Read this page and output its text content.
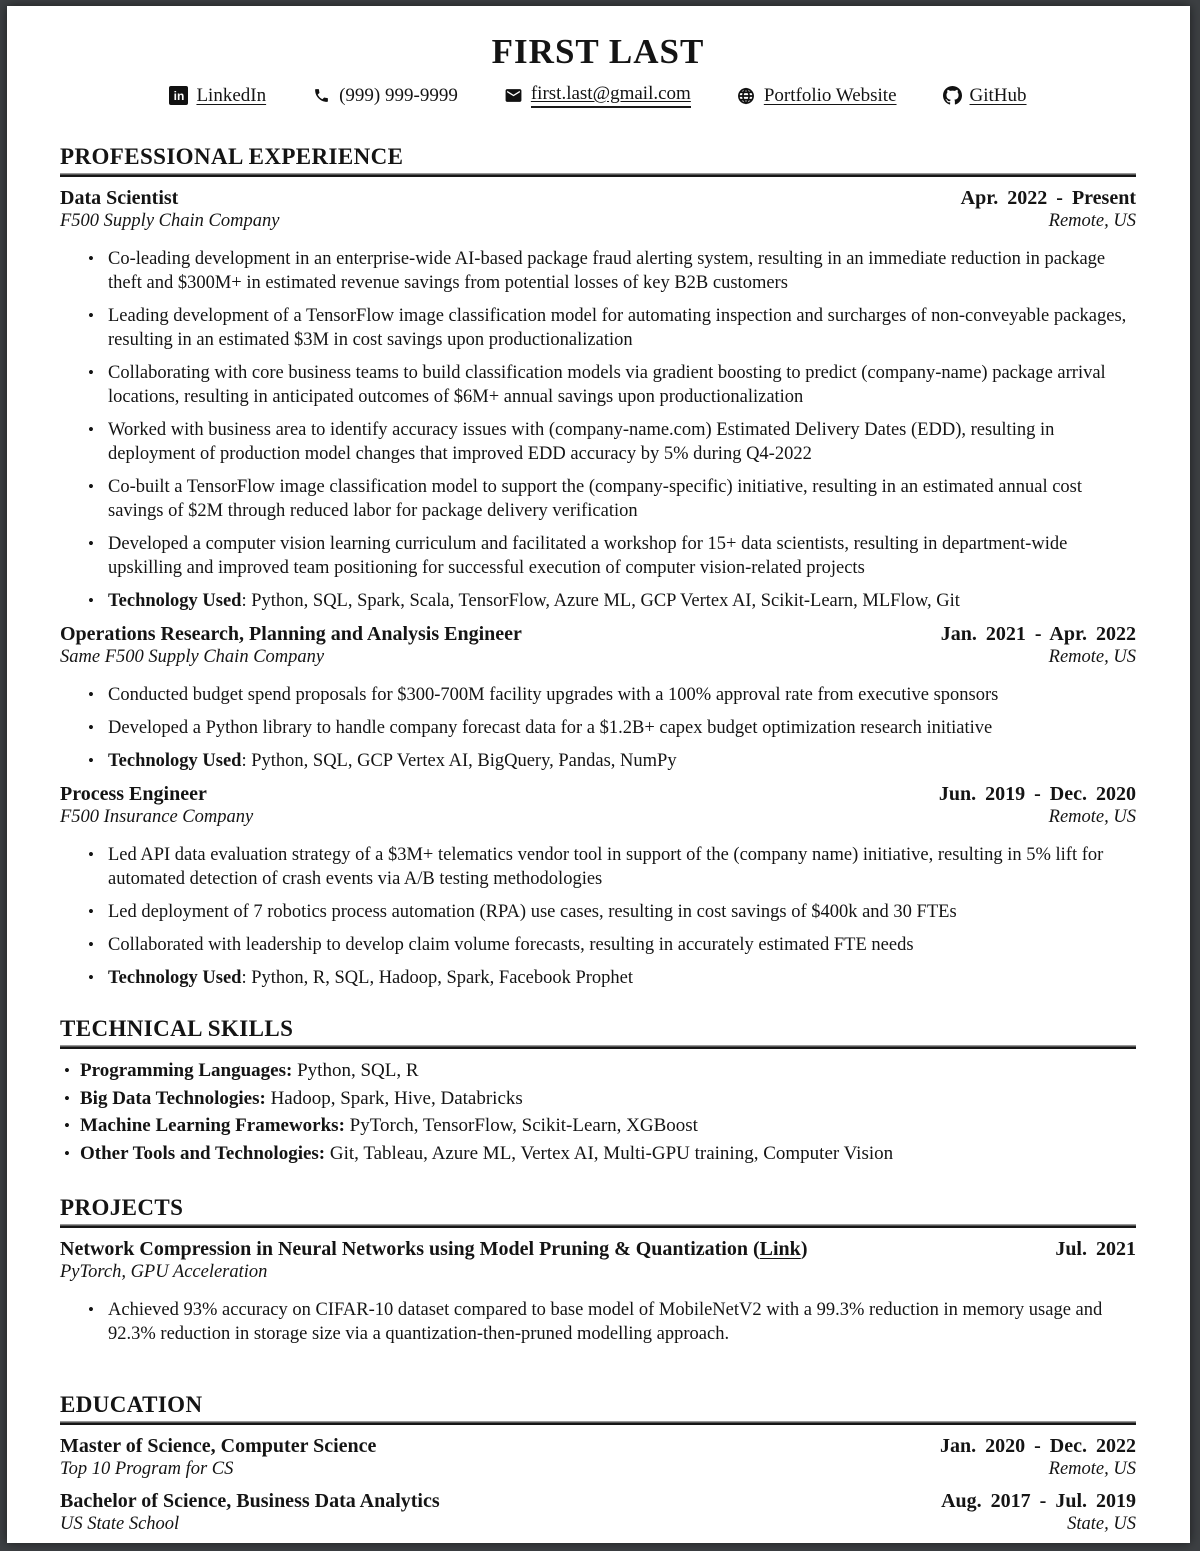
FIRST LAST
in LinkedIn	(999) 999-9999	first.last@gmail.com	Portfolio Website	GitHub
PROFESSIONAL EXPERIENCE
Data Scientist	Apr. 2022 - Present
F500 Supply Chain Company	Remote, US
• Co-leading development in an enterprise-wide AI-based package fraud alerting system, resulting in an immediate reduction in package theft and $300M+ in estimated revenue savings from potential losses of key B2B customers
• Leading development of a TensorFlow image classification model for automating inspection and surcharges of non-conveyable packages, resulting in an estimated $3M in cost savings upon productionalization
• Collaborating with core business teams to build classification models via gradient boosting to predict (company-name) package arrival locations, resulting in anticipated outcomes of $6M+ annual savings upon productionalization
• Worked with business area to identify accuracy issues with (company-name.com) Estimated Delivery Dates (EDD), resulting in deployment of production model changes that improved EDD accuracy by 5% during Q4-2022
• Co-built a TensorFlow image classification model to support the (company-specific) initiative, resulting in an estimated annual cost savings of $2M through reduced labor for package delivery verification
• Developed a computer vision learning curriculum and facilitated a workshop for 15+ data scientists, resulting in department-wide upskilling and improved team positioning for successful execution of computer vision-related projects
• Technology Used: Python, SQL, Spark, Scala, TensorFlow, Azure ML, GCP Vertex AI, Scikit-Learn, MLFlow, Git
Operations Research, Planning and Analysis Engineer	Jan. 2021 - Apr. 2022
Same F500 Supply Chain Company	Remote, US
• Conducted budget spend proposals for $300-700M facility upgrades with a 100% approval rate from executive sponsors
• Developed a Python library to handle company forecast data for a $1.2B+ capex budget optimization research initiative
• Technology Used: Python, SQL, GCP Vertex AI, BigQuery, Pandas, NumPy
Process Engineer	Jun. 2019 - Dec. 2020
F500 Insurance Company	Remote, US
• Led API data evaluation strategy of a $3M+ telematics vendor tool in support of the (company name) initiative, resulting in 5% lift for automated detection of crash events via A/B testing methodologies
• Led deployment of 7 robotics process automation (RPA) use cases, resulting in cost savings of $400k and 30 FTEs
• Collaborated with leadership to develop claim volume forecasts, resulting in accurately estimated FTE needs
• Technology Used: Python, R, SQL, Hadoop, Spark, Facebook Prophet
TECHNICAL SKILLS
• Programming Languages: Python, SQL, R
• Big Data Technologies: Hadoop, Spark, Hive, Databricks
• Machine Learning Frameworks: PyTorch, TensorFlow, Scikit-Learn, XGBoost
• Other Tools and Technologies: Git, Tableau, Azure ML, Vertex AI, Multi-GPU training, Computer Vision
PROJECTS
Network Compression in Neural Networks using Model Pruning & Quantization (Link)	Jul. 2021
PyTorch, GPU Acceleration
• Achieved 93% accuracy on CIFAR-10 dataset compared to base model of MobileNetV2 with a 99.3% reduction in memory usage and 92.3% reduction in storage size via a quantization-then-pruned modelling approach.
EDUCATION
Master of Science, Computer Science	Jan. 2020 - Dec. 2022
Top 10 Program for CS	Remote, US
Bachelor of Science, Business Data Analytics	Aug. 2017 - Jul. 2019
US State School	State, US
